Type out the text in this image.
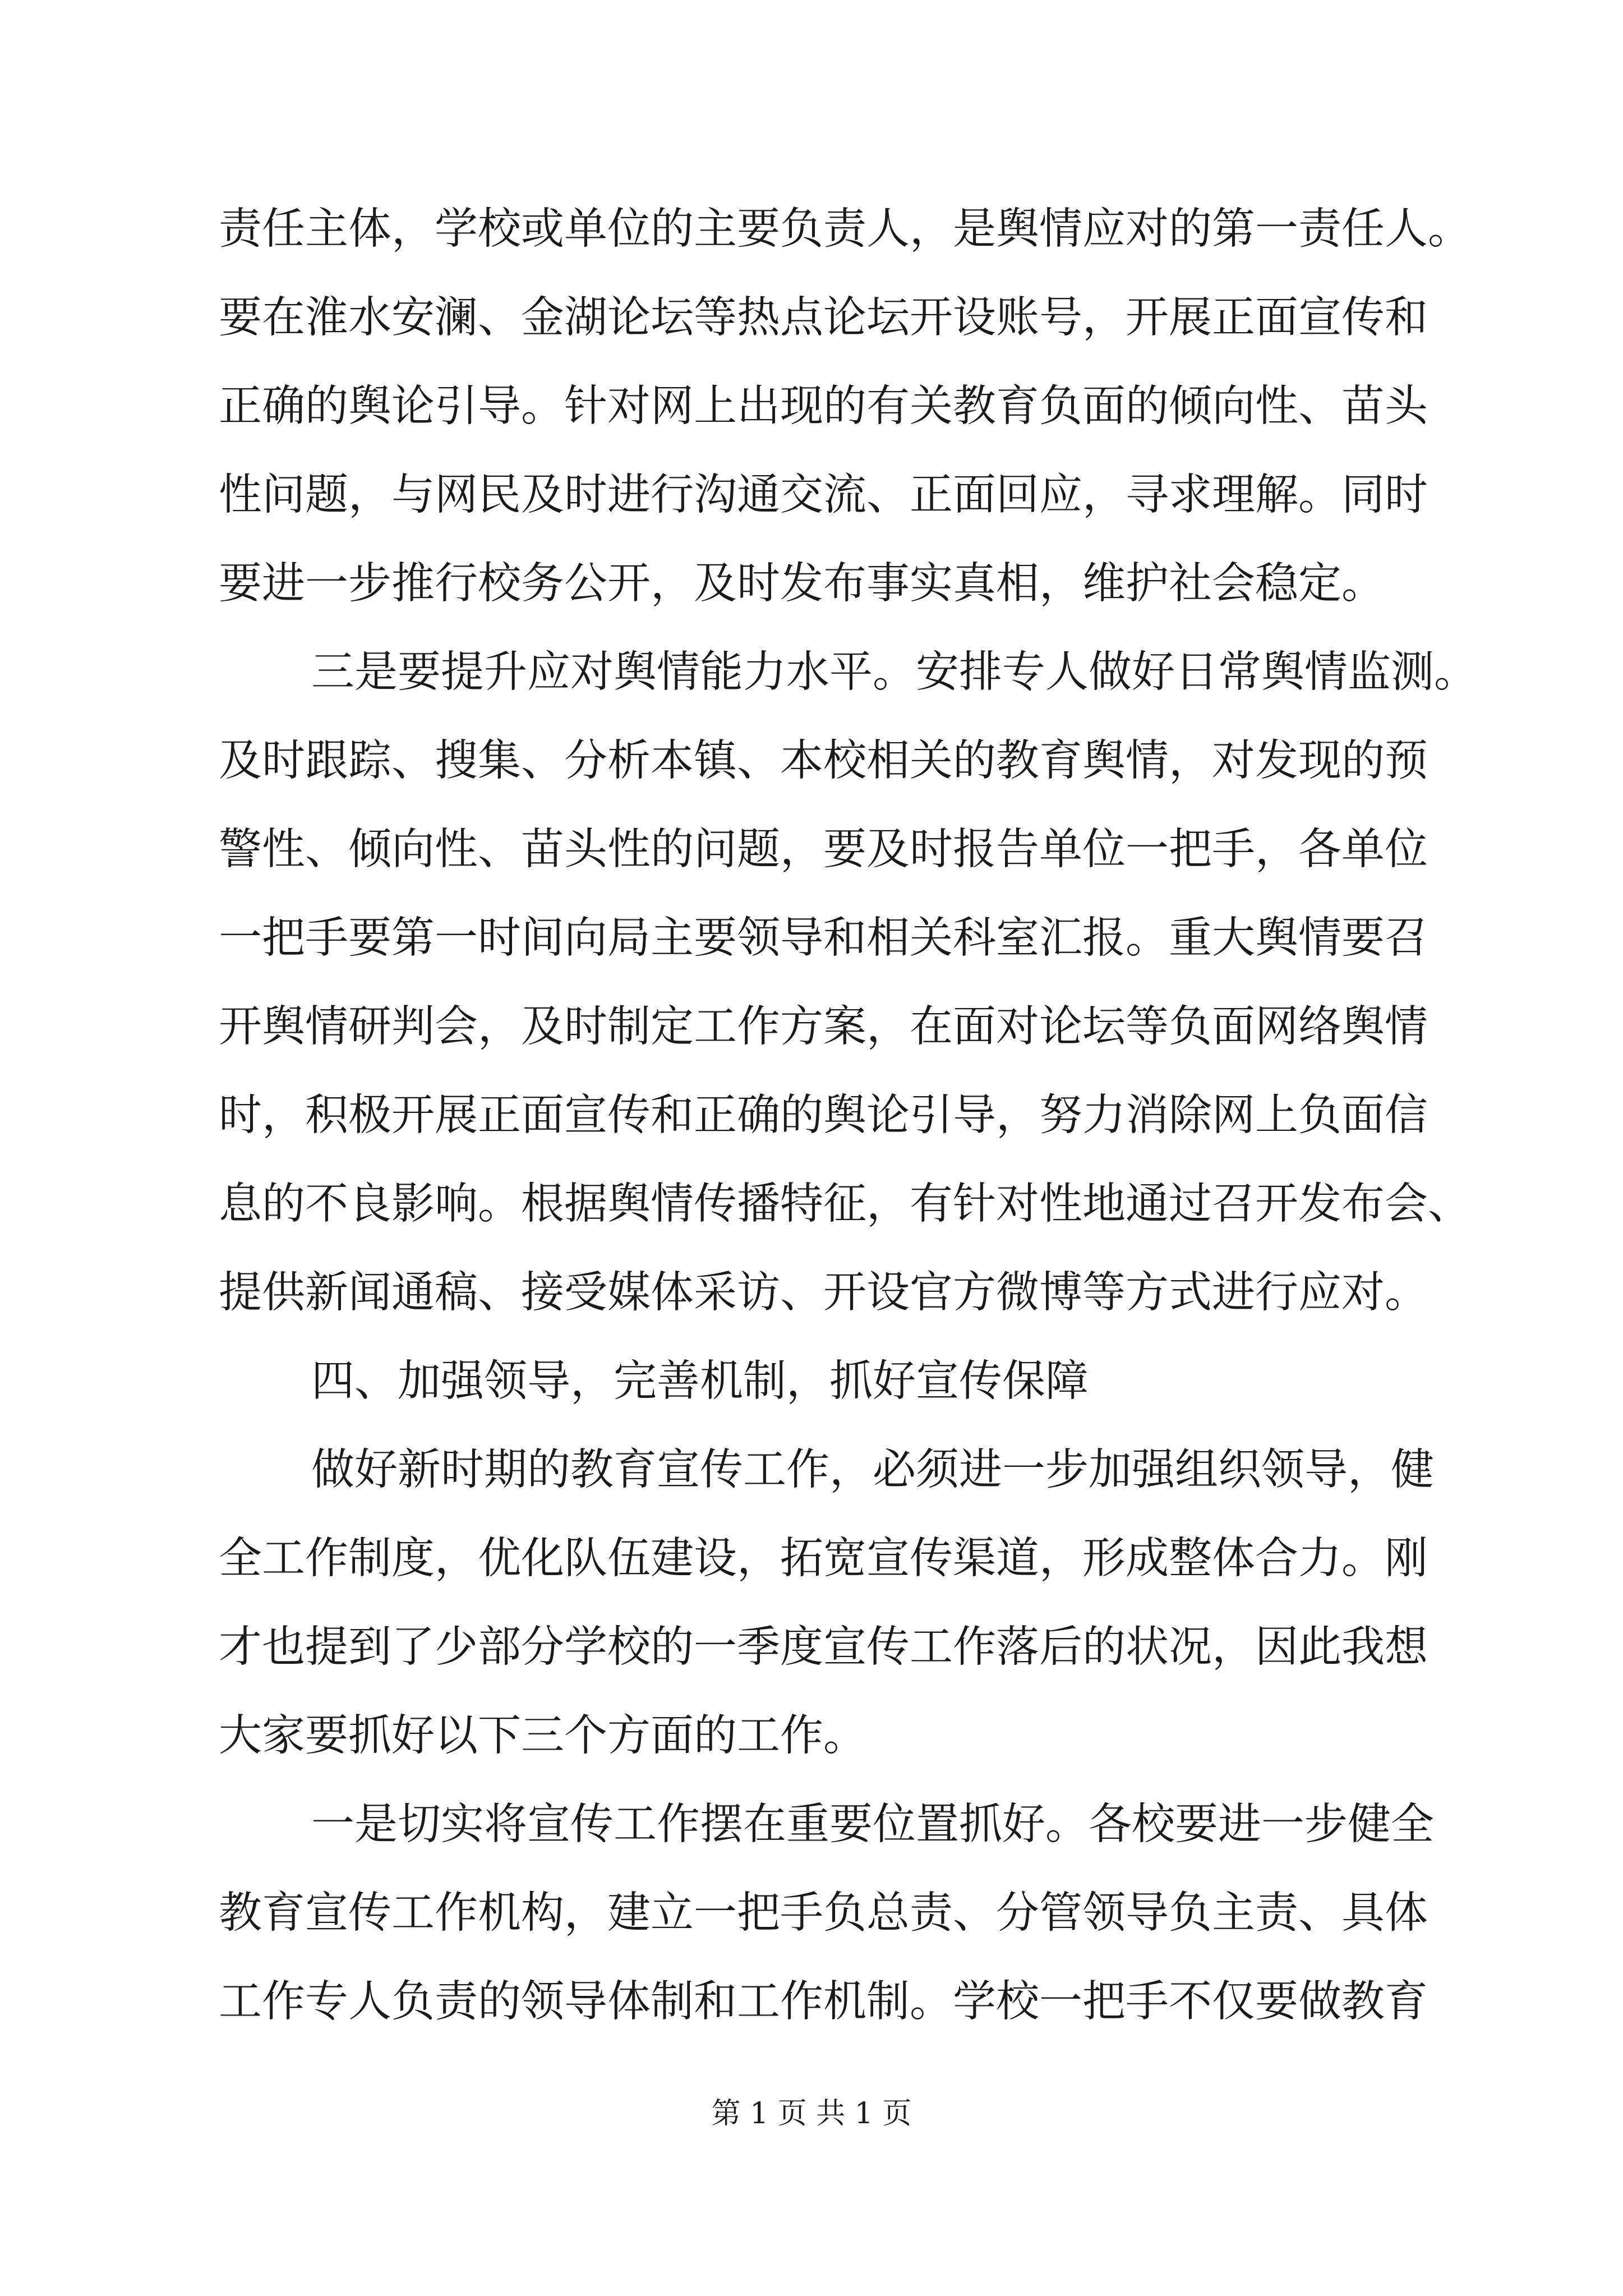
责任主体，学校或单位的主要负责人，是舆情应对的第一责任人。
要在淮水安澜、金湖论坛等热点论坛开设账号，开展正面宣传和
正确的舆论引导。针对网上出现的有关教育负面的倾向性、苗头
性问题，与网民及时进行沟通交流、正面回应，寻求理解。同时
要进一步推行校务公开，及时发布事实真相，维护社会稳定。
三是要提升应对舆情能力水平。安排专人做好日常舆情监测。
及时跟踪、搜集、分析本镇、本校相关的教育舆情，对发现的预
警性、倾向性、苗头性的问题，要及时报告单位一把手，各单位
一把手要第一时间向局主要领导和相关科室汇报。重大舆情要召
开舆情研判会，及时制定工作方案，在面对论坛等负面网络舆情
时，积极开展正面宣传和正确的舆论引导，努力消除网上负面信
息的不良影响。根据舆情传播特征，有针对性地通过召开发布会、
提供新闻通稿、接受媒体采访、开设官方微博等方式进行应对。
四、加强领导，完善机制，抓好宣传保障
做好新时期的教育宣传工作，必须进一步加强组织领导，健
全工作制度，优化队伍建设，拓宽宣传渠道，形成整体合力。刚
才也提到了少部分学校的一季度宣传工作落后的状况，因此我想
大家要抓好以下三个方面的工作。
一是切实将宣传工作摆在重要位置抓好。各校要进一步健全
教育宣传工作机构，建立一把手负总责、分管领导负主责、具体
工作专人负责的领导体制和工作机制。学校一把手不仅要做教育
第 1 页 共 1 页
